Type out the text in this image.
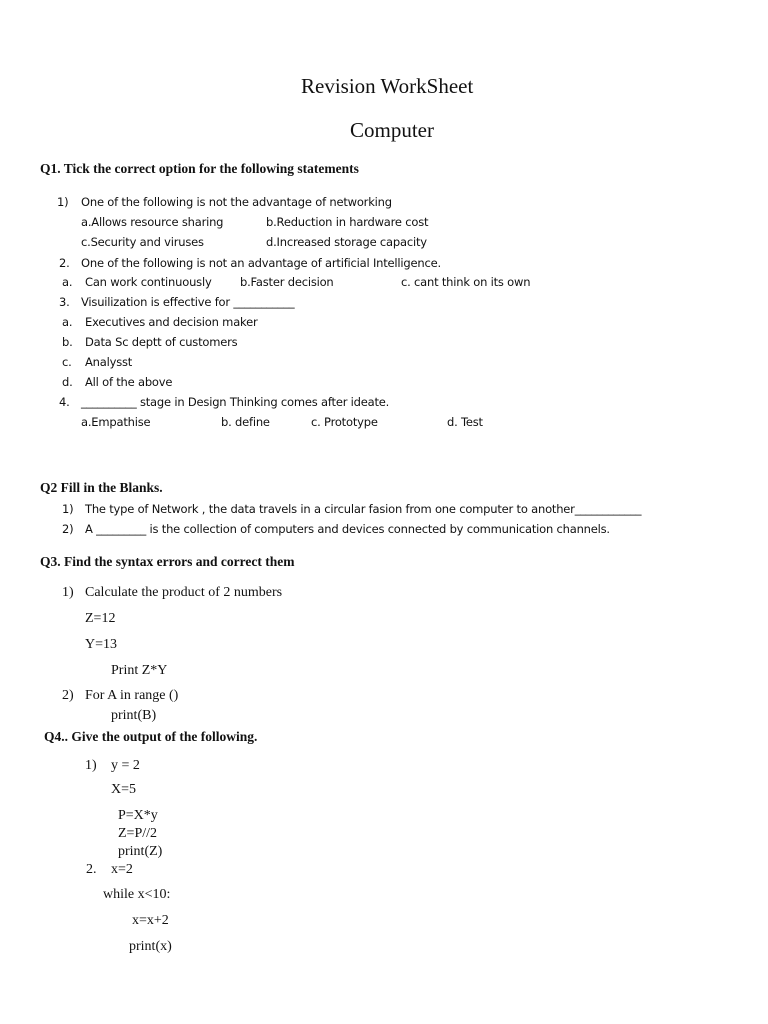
Revision WorkSheet
Computer
Q1. Tick the correct option for the following statements
1) One of the following is not the advantage of networking
a.Allows resource sharing	b.Reduction in hardware cost
c.Security and viruses	d.Increased storage capacity
2. One of the following is not an advantage of artificial Intelligence.
a. Can work continuously b.Faster decision	c. cant think on its own
3. Visuilization is effective for ___________
a. Executives and decision maker
b. Data Sc deptt of customers
c. Analysst
d. All of the above
4. __________ stage in Design Thinking comes after ideate.
a.Empathise	b. define	c. Prototype	d. Test
Q2 Fill in the Blanks.
1) The type of Network , the data travels in a circular fasion from one computer to another____________
2) A _________ is the collection of computers and devices connected by communication channels.
Q3. Find the syntax errors and correct them
1) Calculate the product of 2 numbers
Z=12
Y=13
Print Z*Y
2) For A in range ()
print(B)
Q4.. Give the output of the following.
1) y = 2
X=5
P=X*y
Z=P//2
print(Z)
2. x=2
while x<10:
x=x+2
print(x)
